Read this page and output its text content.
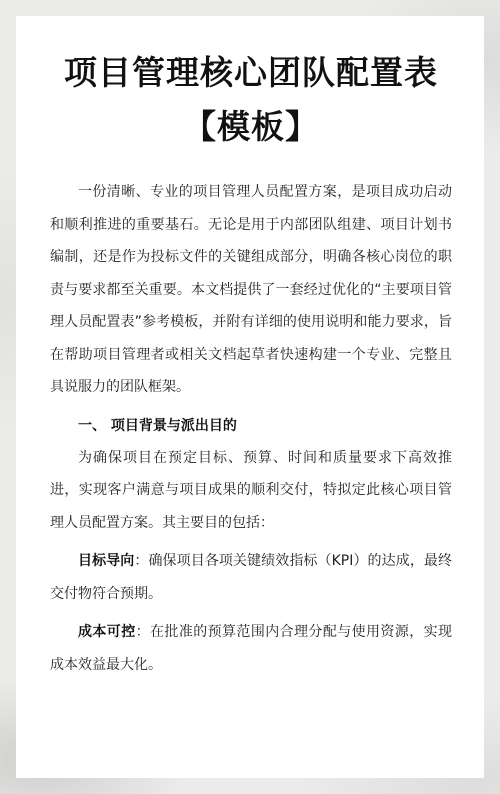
项目管理核心团队配置表【模板】

一份清晰、专业的项目管理人员配置方案，是项目成功启动和顺利推进的重要基石。无论是用于内部团队组建、项目计划书编制，还是作为投标文件的关键组成部分，明确各核心岗位的职责与要求都至关重要。本文档提供了一套经过优化的“主要项目管理人员配置表”参考模板，并附有详细的使用说明和能力要求，旨在帮助项目管理者或相关文档起草者快速构建一个专业、完整且具说服力的团队框架。

一、 项目背景与派出目的

为确保项目在预定目标、预算、时间和质量要求下高效推进，实现客户满意与项目成果的顺利交付，特拟定此核心项目管理人员配置方案。其主要目的包括：

目标导向：确保项目各项关键绩效指标（KPI）的达成，最终交付物符合预期。

成本可控：在批准的预算范围内合理分配与使用资源，实现成本效益最大化。
